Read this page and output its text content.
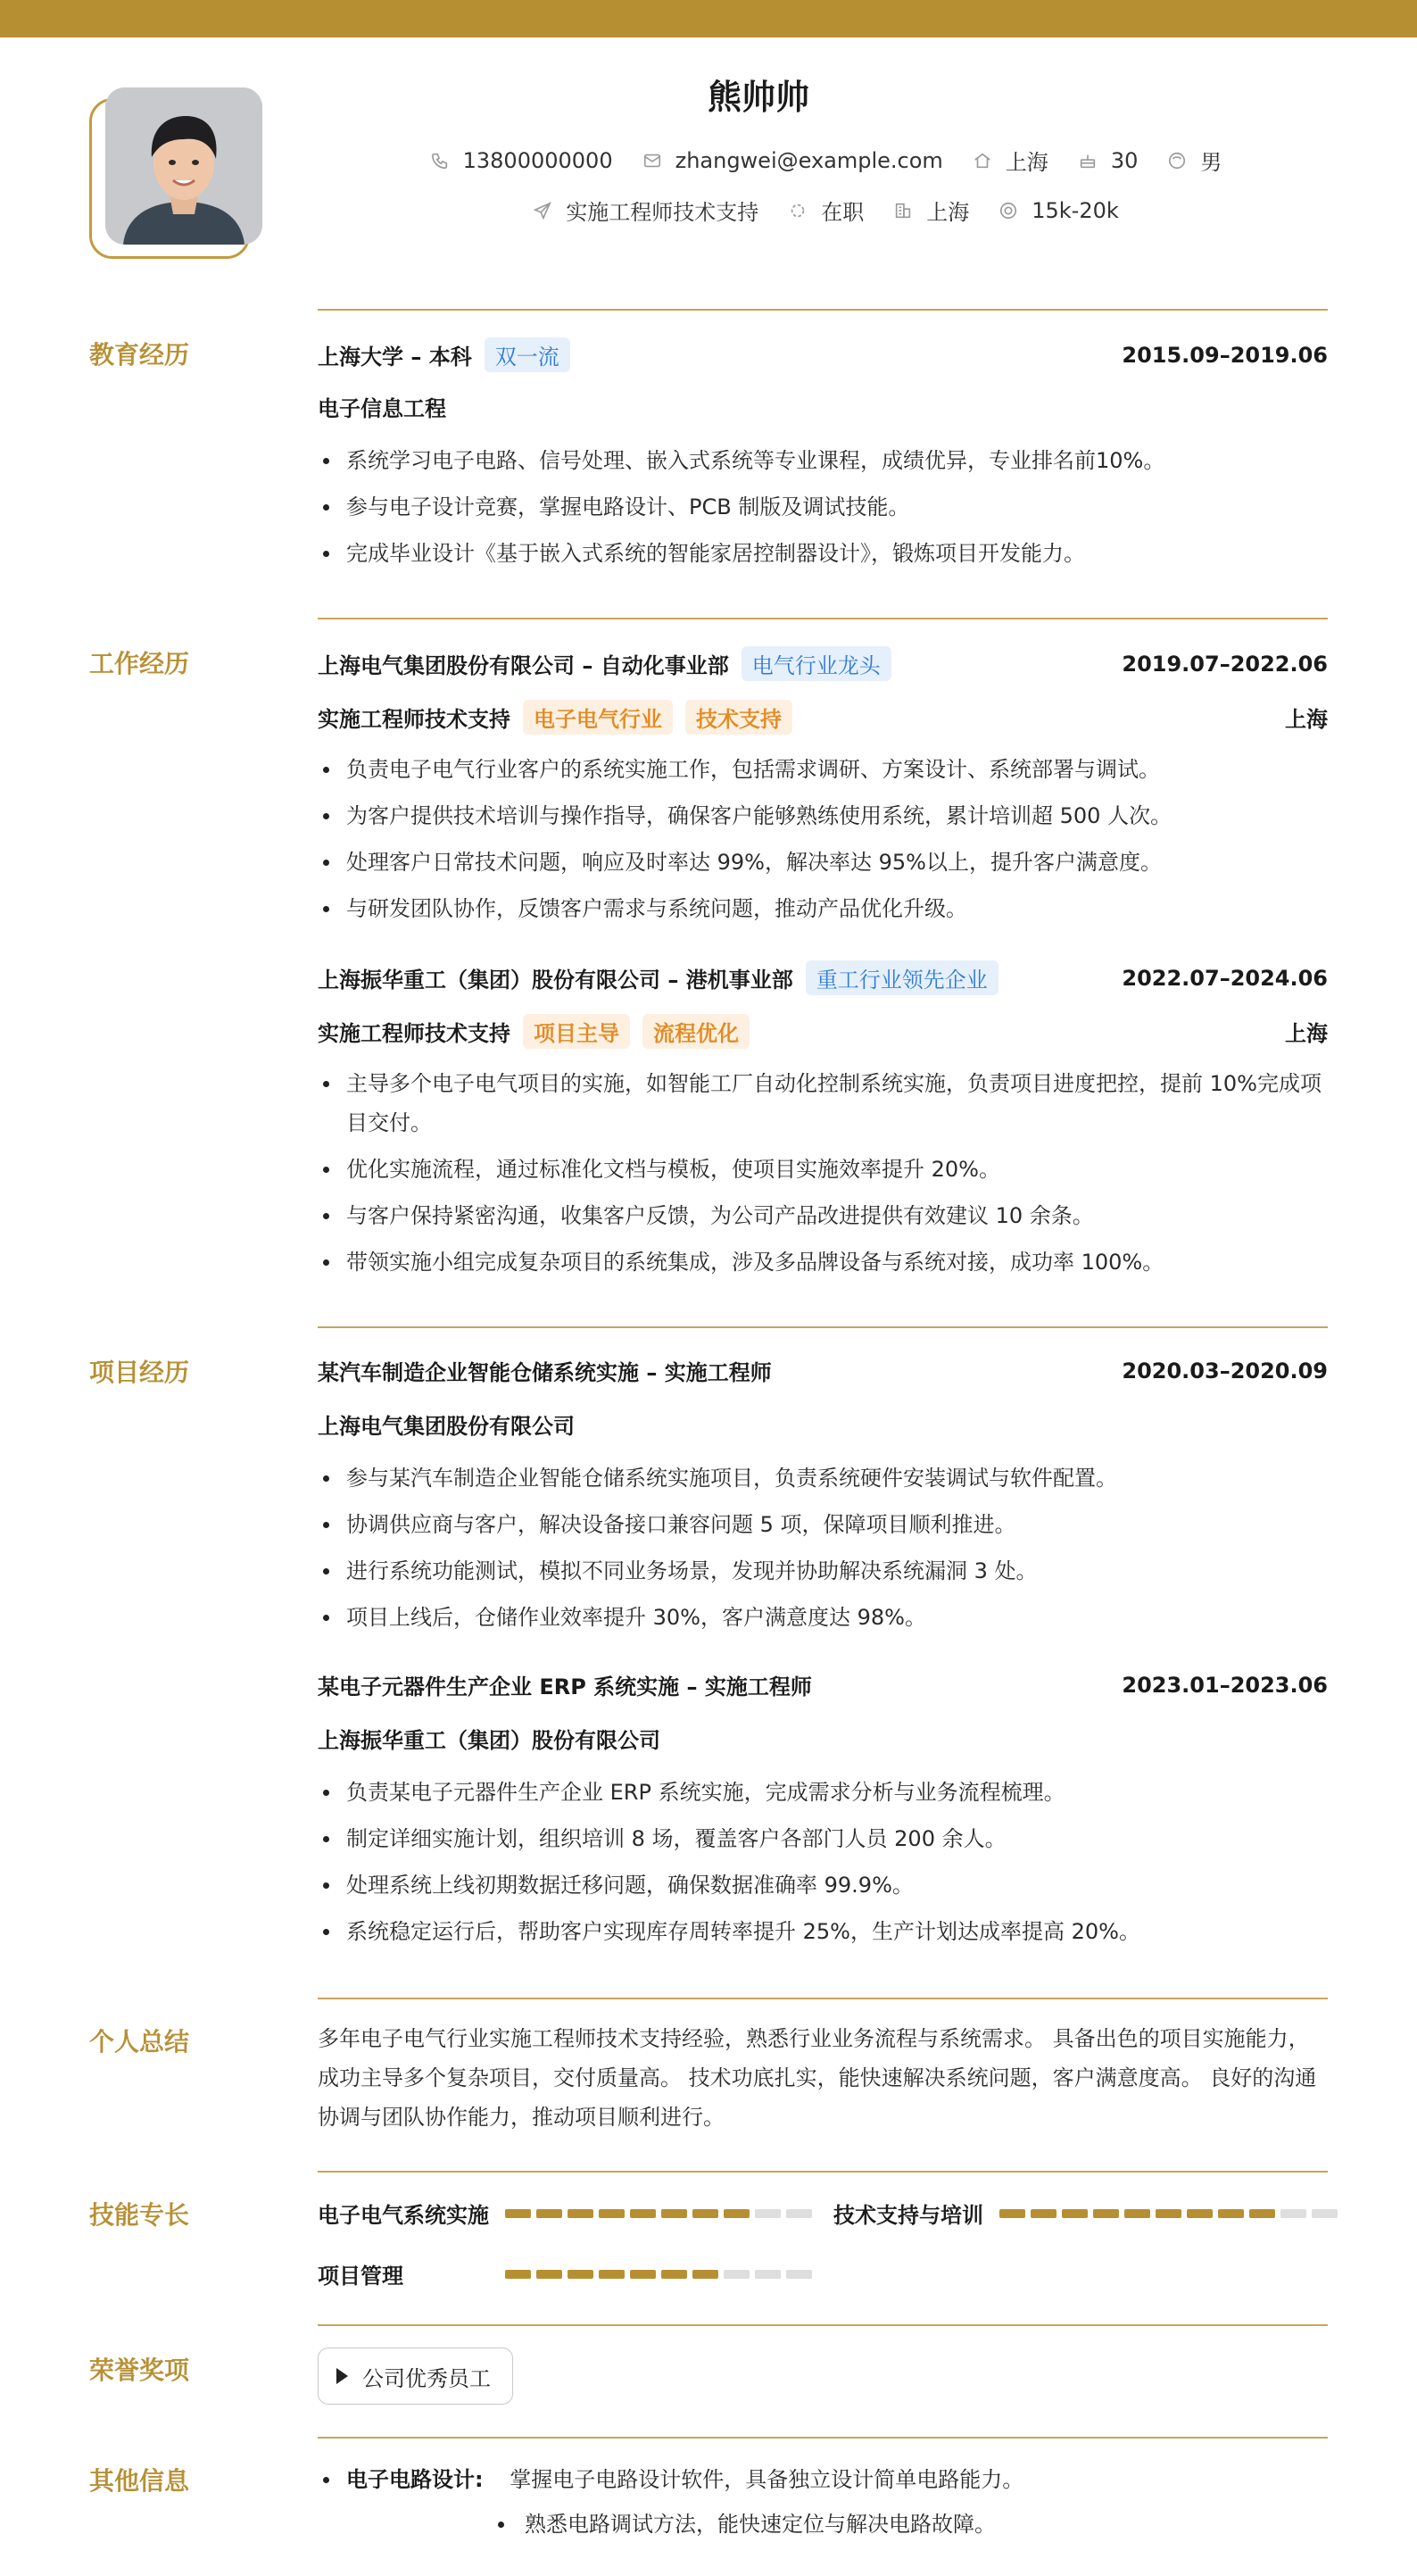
熊帅帅
13800000000	zhangwei@example.com	上海	30	男
实施工程师技术支持	在职	上海	15k-20k
教育经历	上海大学 – 本科	双一流	2015.09–2019.06
电子信息工程
系统学习电子电路、信号处理、嵌入式系统等专业课程，成绩优异，专业排名前10%。
参与电子设计竞赛，掌握电路设计、PCB 制版及调试技能。
完成毕业设计《基于嵌入式系统的智能家居控制器设计》，锻炼项目开发能力。
工作经历	上海电气集团股份有限公司 – 自动化事业部	电气行业龙头	2019.07–2022.06
实施工程师技术支持	电子电气行业	技术支持	上海
负责电子电气行业客户的系统实施工作，包括需求调研、方案设计、系统部署与调试。
为客户提供技术培训与操作指导，确保客户能够熟练使用系统，累计培训超 500 人次。
处理客户日常技术问题，响应及时率达 99%，解决率达 95%以上，提升客户满意度。
与研发团队协作，反馈客户需求与系统问题，推动产品优化升级。
上海振华重工（集团）股份有限公司 – 港机事业部	重工行业领先企业	2022.07–2024.06
实施工程师技术支持	项目主导	流程优化	上海
主导多个电子电气项目的实施，如智能工厂自动化控制系统实施，负责项目进度把控，提前 10%完成项目交付。
优化实施流程，通过标准化文档与模板，使项目实施效率提升 20%。
与客户保持紧密沟通，收集客户反馈，为公司产品改进提供有效建议 10 余条。
带领实施小组完成复杂项目的系统集成，涉及多品牌设备与系统对接，成功率 100%。
项目经历	某汽车制造企业智能仓储系统实施 – 实施工程师	2020.03–2020.09
上海电气集团股份有限公司
参与某汽车制造企业智能仓储系统实施项目，负责系统硬件安装调试与软件配置。
协调供应商与客户，解决设备接口兼容问题 5 项，保障项目顺利推进。
进行系统功能测试，模拟不同业务场景，发现并协助解决系统漏洞 3 处。
项目上线后，仓储作业效率提升 30%，客户满意度达 98%。
某电子元器件生产企业 ERP 系统实施 – 实施工程师	2023.01–2023.06
上海振华重工（集团）股份有限公司
负责某电子元器件生产企业 ERP 系统实施，完成需求分析与业务流程梳理。
制定详细实施计划，组织培训 8 场，覆盖客户各部门人员 200 余人。
处理系统上线初期数据迁移问题，确保数据准确率 99.9%。
系统稳定运行后，帮助客户实现库存周转率提升 25%，生产计划达成率提高 20%。
个人总结	多年电子电气行业实施工程师技术支持经验，熟悉行业业务流程与系统需求。 具备出色的项目实施能力，
成功主导多个复杂项目，交付质量高。 技术功底扎实，能快速解决系统问题，客户满意度高。 良好的沟通
协调与团队协作能力，推动项目顺利进行。
技能专长	电子电气系统实施	技术支持与培训
项目管理
荣誉奖项	公司优秀员工
其他信息	电子电路设计: 掌握电子电路设计软件，具备独立设计简单电路能力。
熟悉电路调试方法，能快速定位与解决电路故障。
